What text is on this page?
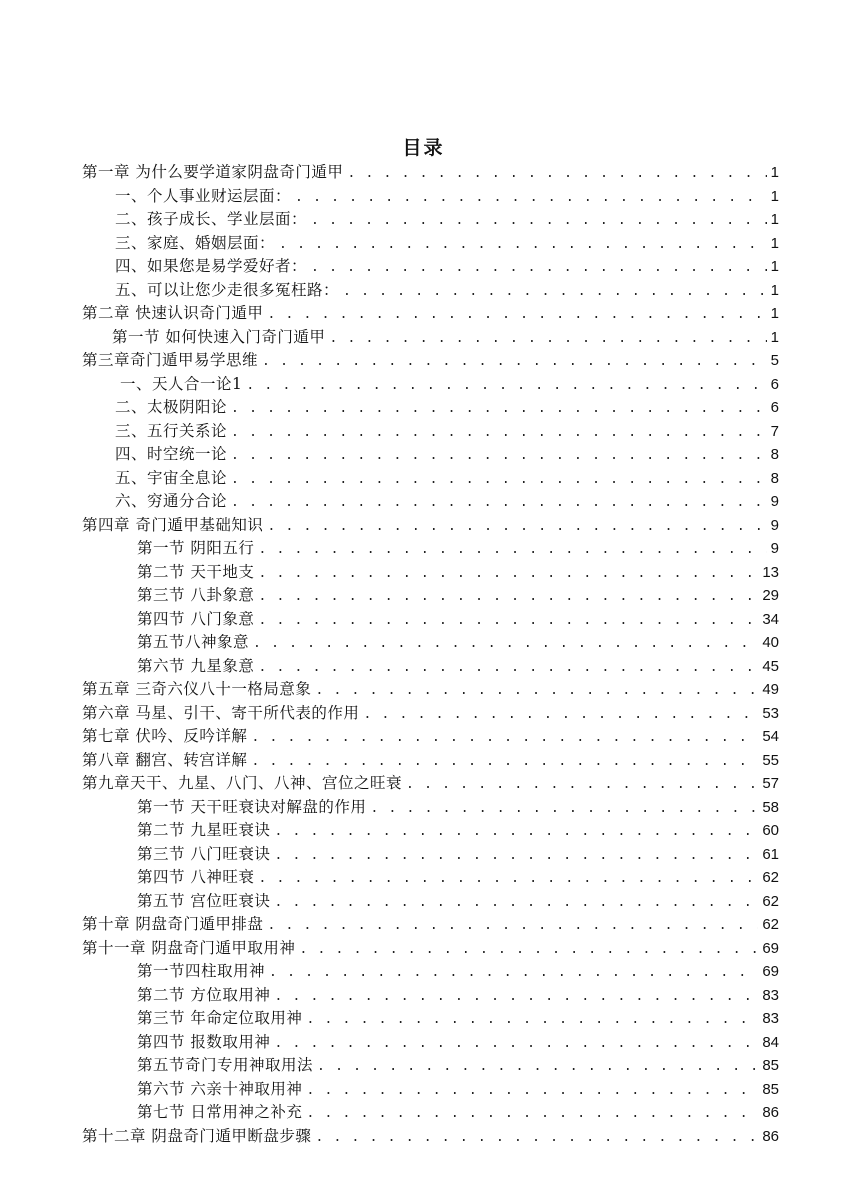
目录
第一章 为什么要学道家阴盘奇门遁甲 . . .	1
一、个人事业财运层面： . . .	1
二、孩子成长、学业层面： . . .	1
三、家庭、婚姻层面： . . .	1
四、如果您是易学爱好者： . . .	1
五、可以让您少走很多冤枉路： . . .	1
第二章 快速认识奇门遁甲 . . .	1
第一节 如何快速入门奇门遁甲 . . .	1
第三章奇门遁甲易学思维 . . .	5
一、天人合一论1 . . .	6
二、太极阴阳论 . . .	6
三、五行关系论 . . .	7
四、时空统一论 . . .	8
五、宇宙全息论 . . .	8
六、穷通分合论 . . .	9
第四章 奇门遁甲基础知识 . . .	9
第一节 阴阳五行 . . .	9
第二节 天干地支 . . .	13
第三节 八卦象意 . . .	29
第四节 八门象意 . . .	34
第五节八神象意 . . .	40
第六节 九星象意 . . .	45
第五章 三奇六仪八十一格局意象 . . .	49
第六章 马星、引干、寄干所代表的作用 . . .	53
第七章 伏吟、反吟详解 . . .	54
第八章 翻宫、转宫详解 . . .	55
第九章天干、九星、八门、八神、宫位之旺衰 . . .	57
第一节 天干旺衰诀对解盘的作用 . . .	58
第二节 九星旺衰诀 . . .	60
第三节 八门旺衰诀 . . .	61
第四节 八神旺衰 . . .	62
第五节 宫位旺衰诀 . . .	62
第十章 阴盘奇门遁甲排盘 . . .	62
第十一章 阴盘奇门遁甲取用神 . . .	69
第一节四柱取用神 . . .	69
第二节 方位取用神 . . .	83
第三节 年命定位取用神 . . .	83
第四节 报数取用神 . . .	84
第五节奇门专用神取用法 . . .	85
第六节 六亲十神取用神 . . .	85
第七节 日常用神之补充 . . .	86
第十二章 阴盘奇门遁甲断盘步骤 . . .	86
